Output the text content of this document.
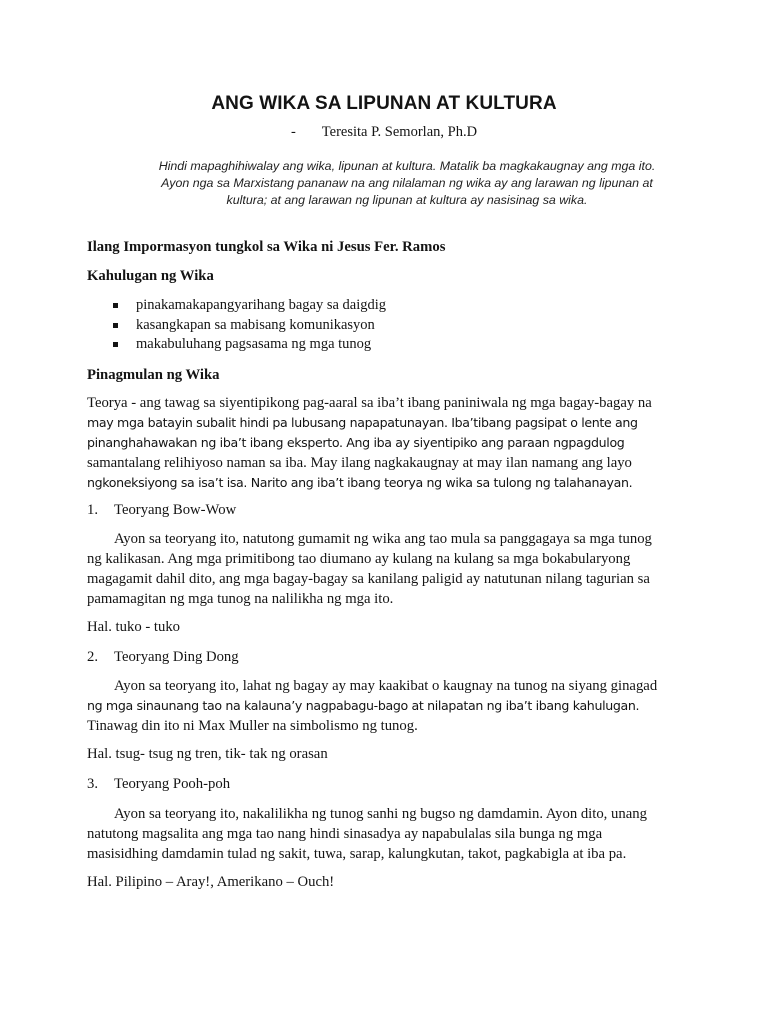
ANG WIKA SA LIPUNAN AT KULTURA
- Teresita P. Semorlan, Ph.D
Hindi mapaghihiwalay ang wika, lipunan at kultura. Matalik ba magkakaugnay ang mga ito.
Ayon nga sa Marxistang pananaw na ang nilalaman ng wika ay ang larawan ng lipunan at
kultura; at ang larawan ng lipunan at kultura ay nasisinag sa wika.
Ilang Impormasyon tungkol sa Wika ni Jesus Fer. Ramos
Kahulugan ng Wika
pinakamakapangyarihang bagay sa daigdig
kasangkapan sa mabisang komunikasyon
makabuluhang pagsasama ng mga tunog
Pinagmulan ng Wika
Teorya - ang tawag sa siyentipikong pag-aaral sa iba’t ibang paniniwala ng mga bagay-bagay na
may mga batayin subalit hindi pa lubusang napapatunayan. Iba’tibang pagsipat o lente ang
pinanghahawakan ng iba’t ibang eksperto. Ang iba ay siyentipiko ang paraan ngpagdulog
samantalang relihiyoso naman sa iba. May ilang nagkakaugnay at may ilan namang ang layo
ngkoneksiyong sa isa’t isa. Narito ang iba’t ibang teorya ng wika sa tulong ng talahanayan.
1. Teoryang Bow-Wow
Ayon sa teoryang ito, natutong gumamit ng wika ang tao mula sa panggagaya sa mga tunog
ng kalikasan. Ang mga primitibong tao diumano ay kulang na kulang sa mga bokabularyong
magagamit dahil dito, ang mga bagay-bagay sa kanilang paligid ay natutunan nilang tagurian sa
pamamagitan ng mga tunog na nalilikha ng mga ito.
Hal. tuko - tuko
2. Teoryang Ding Dong
Ayon sa teoryang ito, lahat ng bagay ay may kaakibat o kaugnay na tunog na siyang ginagad
ng mga sinaunang tao na kalauna’y nagpabagu-bago at nilapatan ng iba’t ibang kahulugan.
Tinawag din ito ni Max Muller na simbolismo ng tunog.
Hal. tsug- tsug ng tren, tik- tak ng orasan
3. Teoryang Pooh-poh
Ayon sa teoryang ito, nakalilikha ng tunog sanhi ng bugso ng damdamin. Ayon dito, unang
natutong magsalita ang mga tao nang hindi sinasadya ay napabulalas sila bunga ng mga
masisidhing damdamin tulad ng sakit, tuwa, sarap, kalungkutan, takot, pagkabigla at iba pa.
Hal. Pilipino – Aray!, Amerikano – Ouch!
